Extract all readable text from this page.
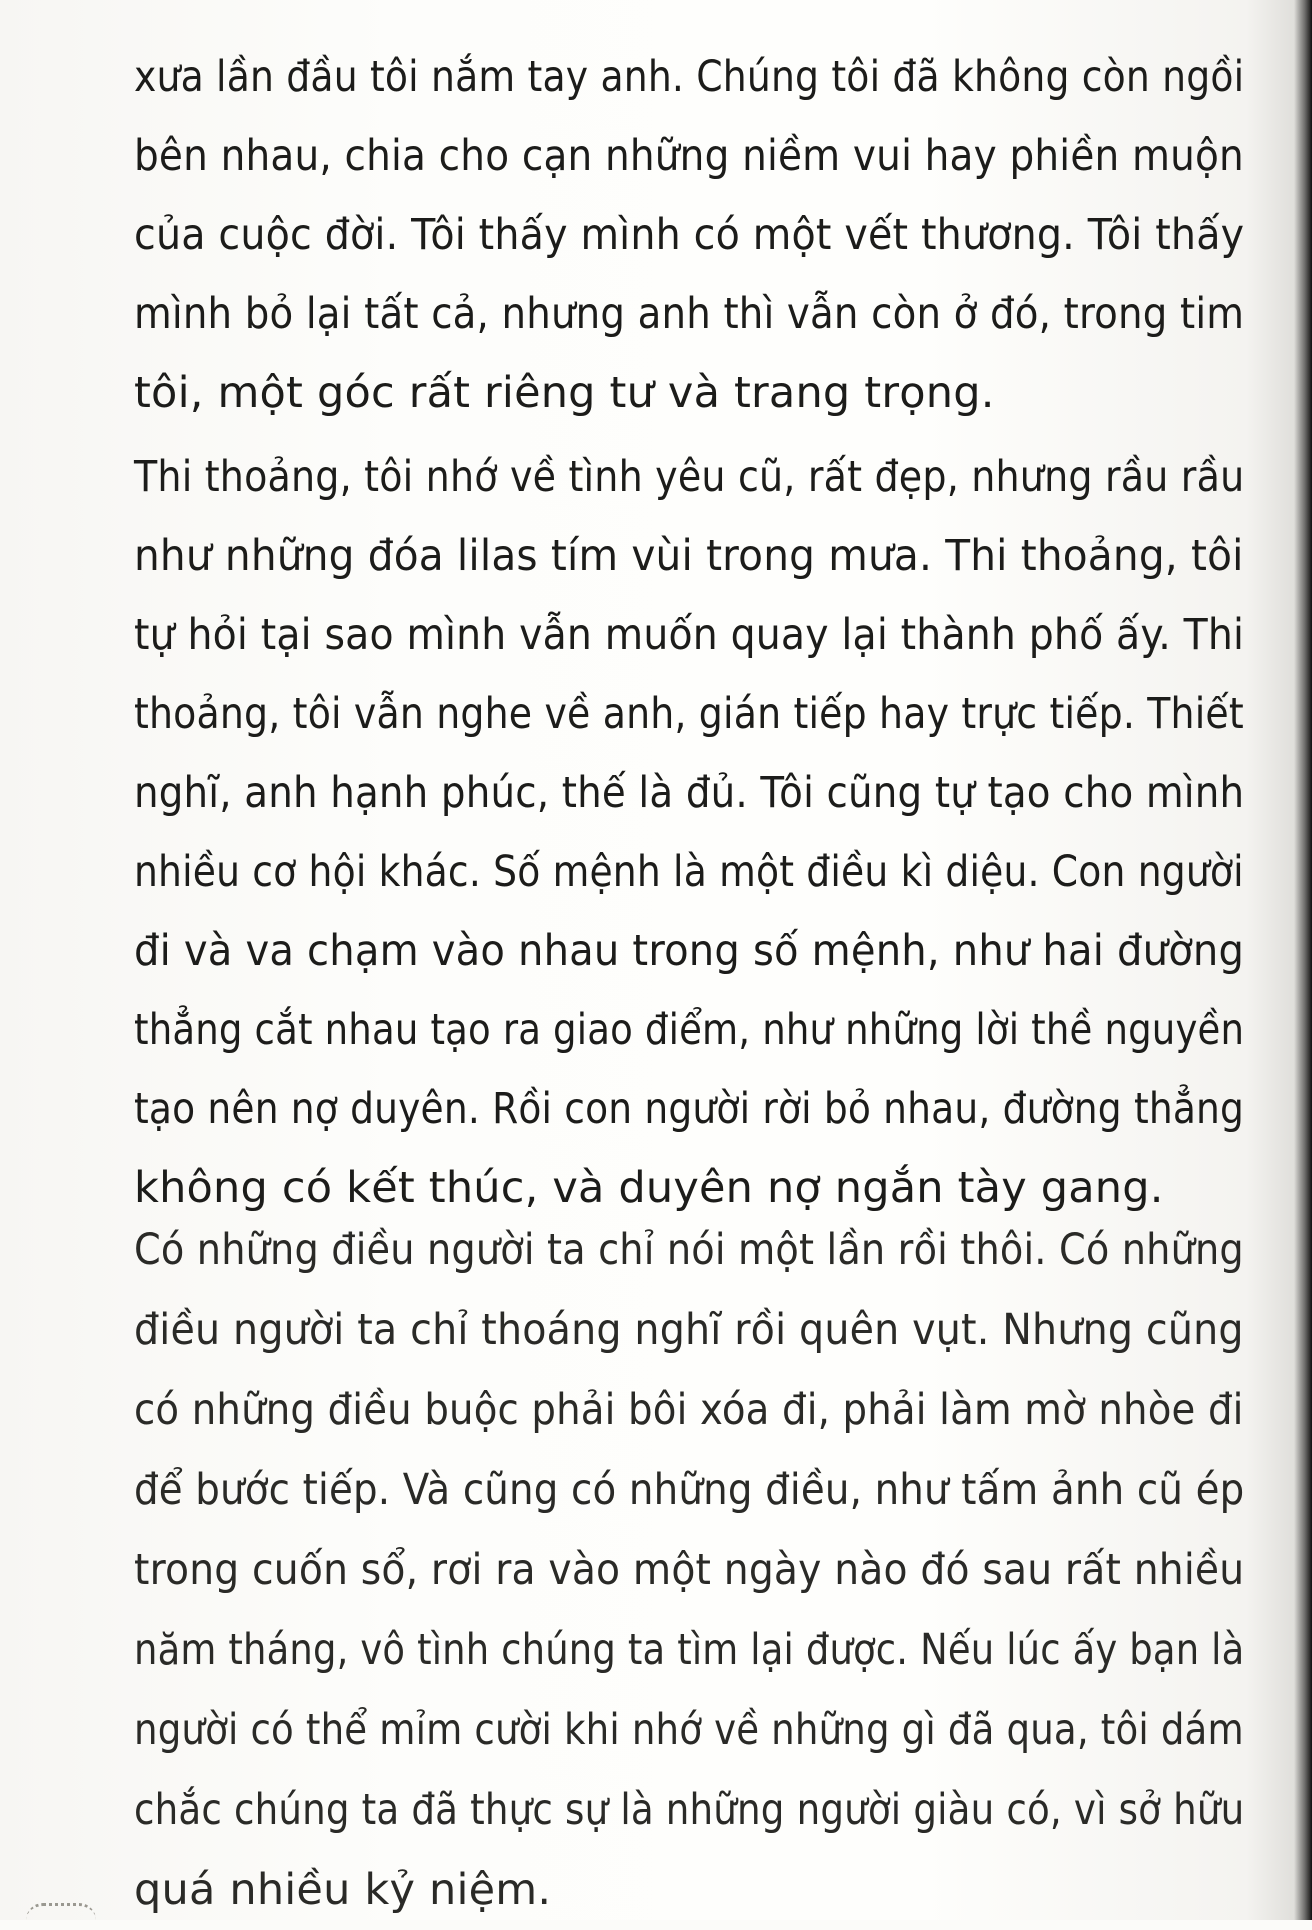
xưa lần đầu tôi nắm tay anh. Chúng tôi đã không còn ngồi
bên nhau, chia cho cạn những niềm vui hay phiền muộn
của cuộc đời. Tôi thấy mình có một vết thương. Tôi thấy
mình bỏ lại tất cả, nhưng anh thì vẫn còn ở đó, trong tim
tôi, một góc rất riêng tư và trang trọng.
Thi thoảng, tôi nhớ về tình yêu cũ, rất đẹp, nhưng rầu rầu
như những đóa lilas tím vùi trong mưa. Thi thoảng, tôi
tự hỏi tại sao mình vẫn muốn quay lại thành phố ấy. Thi
thoảng, tôi vẫn nghe về anh, gián tiếp hay trực tiếp. Thiết
nghĩ, anh hạnh phúc, thế là đủ. Tôi cũng tự tạo cho mình
nhiều cơ hội khác. Số mệnh là một điều kì diệu. Con người
đi và va chạm vào nhau trong số mệnh, như hai đường
thẳng cắt nhau tạo ra giao điểm, như những lời thề nguyền
tạo nên nợ duyên. Rồi con người rời bỏ nhau, đường thẳng
không có kết thúc, và duyên nợ ngắn tày gang.
Có những điều người ta chỉ nói một lần rồi thôi. Có những
điều người ta chỉ thoáng nghĩ rồi quên vụt. Nhưng cũng
có những điều buộc phải bôi xóa đi, phải làm mờ nhòe đi
để bước tiếp. Và cũng có những điều, như tấm ảnh cũ ép
trong cuốn sổ, rơi ra vào một ngày nào đó sau rất nhiều
năm tháng, vô tình chúng ta tìm lại được. Nếu lúc ấy bạn là
người có thể mỉm cười khi nhớ về những gì đã qua, tôi dám
chắc chúng ta đã thực sự là những người giàu có, vì sở hữu
quá nhiều kỷ niệm.
